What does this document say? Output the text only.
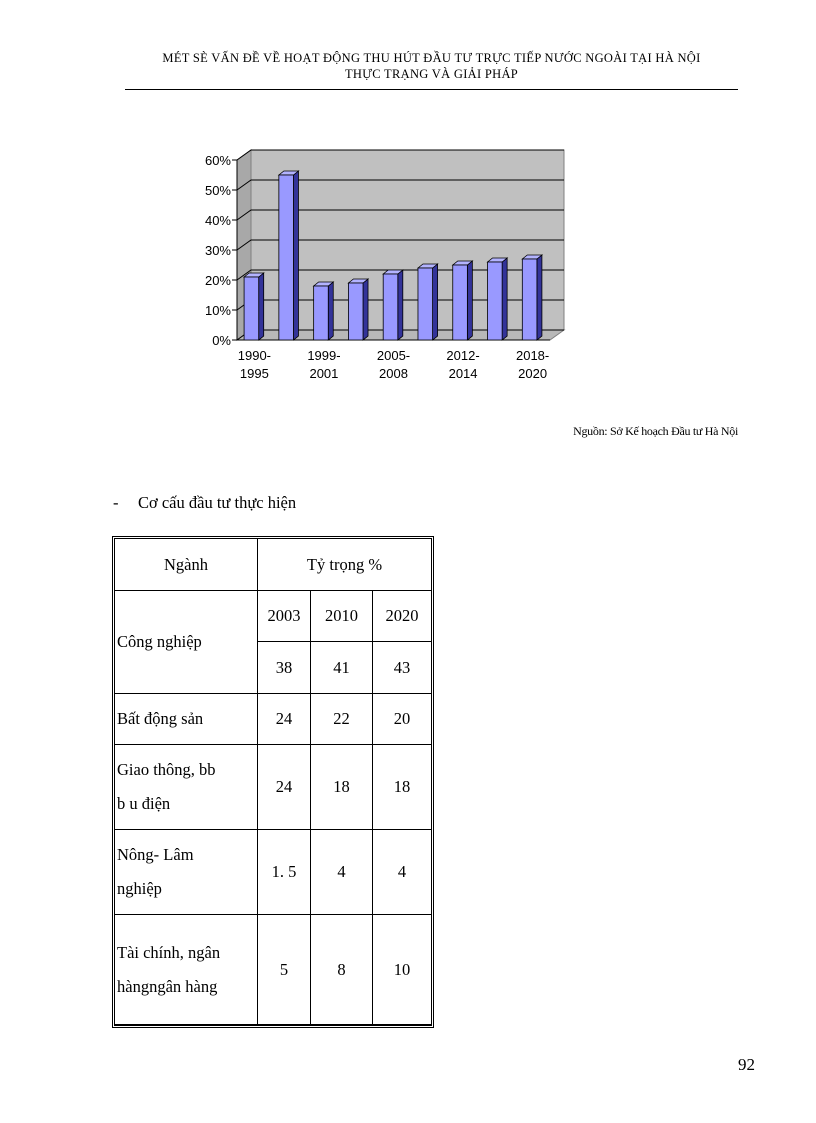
MÉT SÈ VẤN ĐỀ VỀ HOẠT ĐỘNG THU HÚT ĐẦU TƯ TRỰC TIẾP NƯỚC NGOÀI TẠI HÀ NỘI
THỰC TRẠNG VÀ GIẢI PHÁP
0%
10%
20%
30%
40%
50%
60%
1990-
1995
1999-
2001
2005-
2008
2012-
2014
2018-
2020
Nguồn: Sở Kế hoạch Đầu tư Hà Nội
- Cơ cấu đầu tư thực hiện
Ngành	Tỷ trọng %		
Công nghiệp	2003	2010	2020
	38	41	43
Bất động sản	24	22	20
Giao thông, bb
b u điện	24	18	18
Nông- Lâm
nghiệp	1. 5	4	4
Tài chính, ngân
hàngngân hàng	5	8	10
92
